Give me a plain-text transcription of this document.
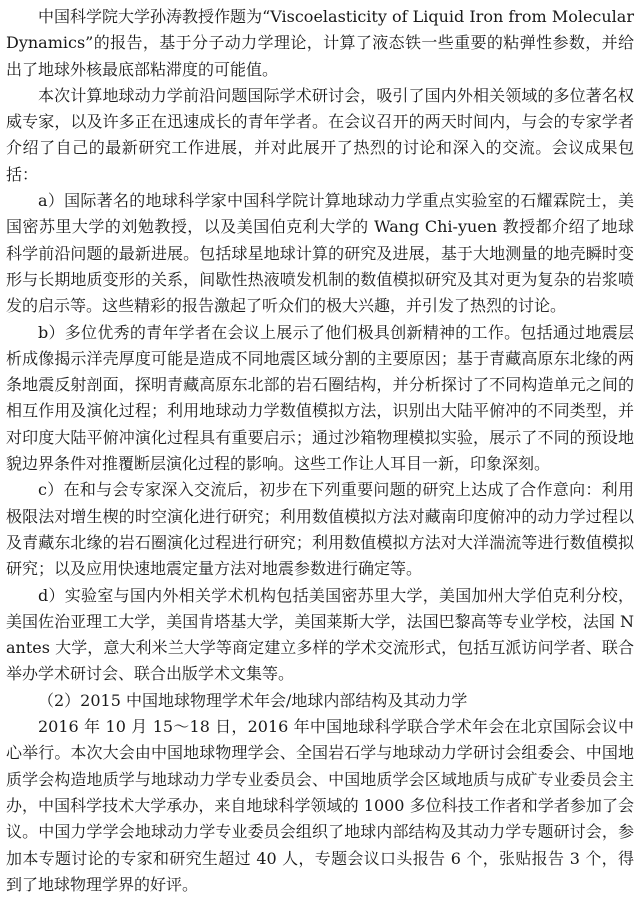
中国科学院大学孙涛教授作题为“Viscoelasticity of Liquid Iron from Molecular Dynamics”的报告，基于分子动力学理论，计算了液态铁一些重要的粘弹性参数，并给出了地球外核最底部粘滞度的可能值。

本次计算地球动力学前沿问题国际学术研讨会，吸引了国内外相关领域的多位著名权威专家，以及许多正在迅速成长的青年学者。在会议召开的两天时间内，与会的专家学者介绍了自己的最新研究工作进展，并对此展开了热烈的讨论和深入的交流。会议成果包括：

a）国际著名的地球科学家中国科学院计算地球动力学重点实验室的石耀霖院士，美国密苏里大学的刘勉教授，以及美国伯克利大学的 Wang Chi-yuen 教授都介绍了地球科学前沿问题的最新进展。包括球星地球计算的研究及进展，基于大地测量的地壳瞬时变形与长期地质变形的关系，间歇性热液喷发机制的数值模拟研究及其对更为复杂的岩浆喷发的启示等。这些精彩的报告激起了听众们的极大兴趣，并引发了热烈的讨论。

b）多位优秀的青年学者在会议上展示了他们极具创新精神的工作。包括通过地震层析成像揭示洋壳厚度可能是造成不同地震区域分割的主要原因；基于青藏高原东北缘的两条地震反射剖面，探明青藏高原东北部的岩石圈结构，并分析探讨了不同构造单元之间的相互作用及演化过程；利用地球动力学数值模拟方法，识别出大陆平俯冲的不同类型，并对印度大陆平俯冲演化过程具有重要启示；通过沙箱物理模拟实验，展示了不同的预设地貌边界条件对推覆断层演化过程的影响。这些工作让人耳目一新，印象深刻。

c）在和与会专家深入交流后，初步在下列重要问题的研究上达成了合作意向：利用极限法对增生楔的时空演化进行研究；利用数值模拟方法对藏南印度俯冲的动力学过程以及青藏东北缘的岩石圈演化过程进行研究；利用数值模拟方法对大洋湍流等进行数值模拟研究；以及应用快速地震定量方法对地震参数进行确定等。

d）实验室与国内外相关学术机构包括美国密苏里大学，美国加州大学伯克利分校，美国佐治亚理工大学，美国肯塔基大学，美国莱斯大学，法国巴黎高等专业学校，法国 Nantes 大学，意大利米兰大学等商定建立多样的学术交流形式，包括互派访问学者、联合举办学术研讨会、联合出版学术文集等。

（2）2015 中国地球物理学术年会/地球内部结构及其动力学

2016 年 10 月 15～18 日，2016 年中国地球科学联合学术年会在北京国际会议中心举行。本次大会由中国地球物理学会、全国岩石学与地球动力学研讨会组委会、中国地质学会构造地质学与地球动力学专业委员会、中国地质学会区域地质与成矿专业委员会主办，中国科学技术大学承办，来自地球科学领域的 1000 多位科技工作者和学者参加了会议。中国力学学会地球动力学专业委员会组织了地球内部结构及其动力学专题研讨会，参加本专题讨论的专家和研究生超过 40 人，专题会议口头报告 6 个，张贴报告 3 个，得到了地球物理学界的好评。
